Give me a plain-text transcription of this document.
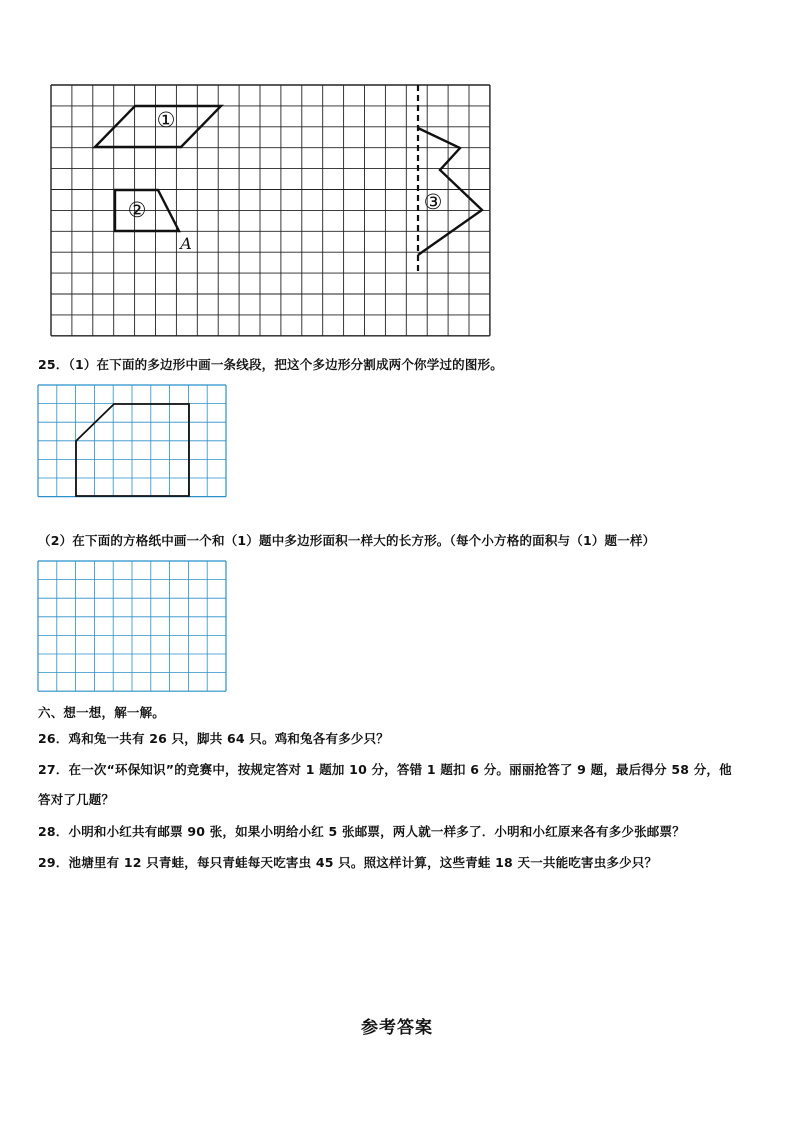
①
②	③
A
25．（1）在下面的多边形中画一条线段，把这个多边形分割成两个你学过的图形。
（2）在下面的方格纸中画一个和（1）题中多边形面积一样大的长方形。（每个小方格的面积与（1）题一样）
六、想一想，解一解。
26．鸡和兔一共有 26 只，脚共 64 只。鸡和兔各有多少只？
27．在一次“环保知识”的竞赛中，按规定答对 1 题加 10 分，答错 1 题扣 6 分。丽丽抢答了 9 题，最后得分 58 分，他
答对了几题？
28．小明和小红共有邮票 90 张，如果小明给小红 5 张邮票，两人就一样多了．小明和小红原来各有多少张邮票？
29．池塘里有 12 只青蛙，每只青蛙每天吃害虫 45 只。照这样计算，这些青蛙 18 天一共能吃害虫多少只？
参考答案
